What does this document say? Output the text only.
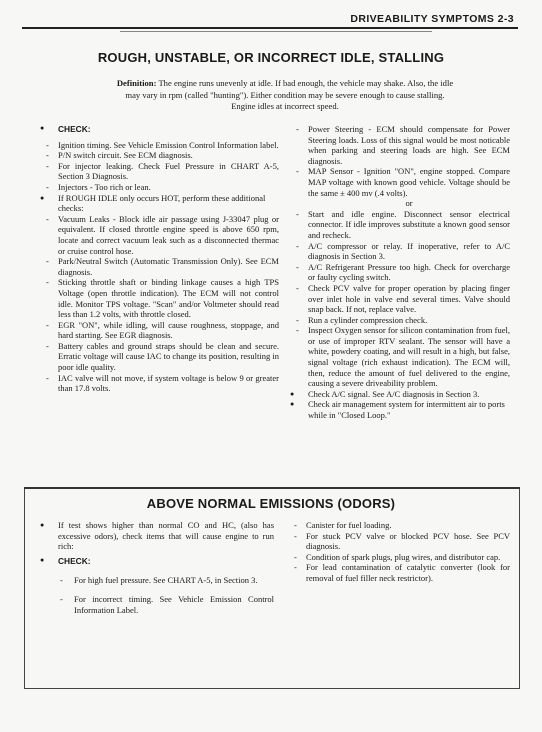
DRIVEABILITY SYMPTOMS 2-3
ROUGH, UNSTABLE, OR INCORRECT IDLE, STALLING
Definition: The engine runs unevenly at idle. If bad enough, the vehicle may shake. Also, the idle may vary in rpm (called "hunting"). Either condition may be severe enough to cause stalling. Engine idles at incorrect speed.
● CHECK:

- Ignition timing. See Vehicle Emission Control Information label.

- P/N switch circuit. See ECM diagnosis.

- For injector leaking. Check Fuel Pressure in CHART A-5, Section 3 Diagnosis.

- Injectors - Too rich or lean.

● If ROUGH IDLE only occurs HOT, perform these additional checks:

- Vacuum Leaks - Block idle air passage using J-33047 plug or equivalent. If closed throttle engine speed is above 650 rpm, locate and correct vacuum leak such as a disconnected thermac or cruise control hose.

- Park/Neutral Switch (Automatic Transmission Only). See ECM diagnosis.

- Sticking throttle shaft or binding linkage causes a high TPS Voltage (open throttle indication). The ECM will not control idle. Monitor TPS voltage. "Scan" and/or Voltmeter should read less than 1.2 volts, with throttle closed.

- EGR "ON", while idling, will cause roughness, stoppage, and hard starting. See EGR diagnosis.

- Battery cables and ground straps should be clean and secure. Erratic voltage will cause IAC to change its position, resulting in poor idle quality.

- IAC valve will not move, if system voltage is below 9 or greater than 17.8 volts.

- Power Steering - ECM should compensate for Power Steering loads. Loss of this signal would be most noticable when parking and steering loads are high. See ECM diagnosis.

- MAP Sensor - Ignition "ON", engine stopped. Compare MAP voltage with known good vehicle. Voltage should be the same ± 400 mv (.4 volts).

or

- Start and idle engine. Disconnect sensor electrical connector. If idle improves substitute a known good sensor and recheck.

- A/C compressor or relay. If inoperative, refer to A/C diagnosis in Section 3.

- A/C Refrigerant Pressure too high. Check for overcharge or faulty cycling switch.

- Check PCV valve for proper operation by placing finger over inlet hole in valve end several times. Valve should snap back. If not, replace valve.

- Run a cylinder compression check.

- Inspect Oxygen sensor for silicon contamination from fuel, or use of improper RTV sealant. The sensor will have a white, powdery coating, and will result in a high, but false, signal voltage (rich exhaust indication). The ECM will, then, reduce the amount of fuel delivered to the engine, causing a severe driveability problem.

● Check A/C signal. See A/C diagnosis in Section 3.

● Check air management system for intermittent air to ports while in "Closed Loop."

ABOVE NORMAL EMISSIONS (ODORS)

● If test shows higher than normal CO and HC, (also has excessive odors), check items that will cause engine to run rich:

● CHECK:

- For high fuel pressure. See CHART A-5, in Section 3.

- For incorrect timing. See Vehicle Emission Control Information Label.

- Canister for fuel loading.

- For stuck PCV valve or blocked PCV hose. See PCV diagnosis.

- Condition of spark plugs, plug wires, and distributor cap.

- For lead contamination of catalytic converter (look for removal of fuel filler neck restrictor).
